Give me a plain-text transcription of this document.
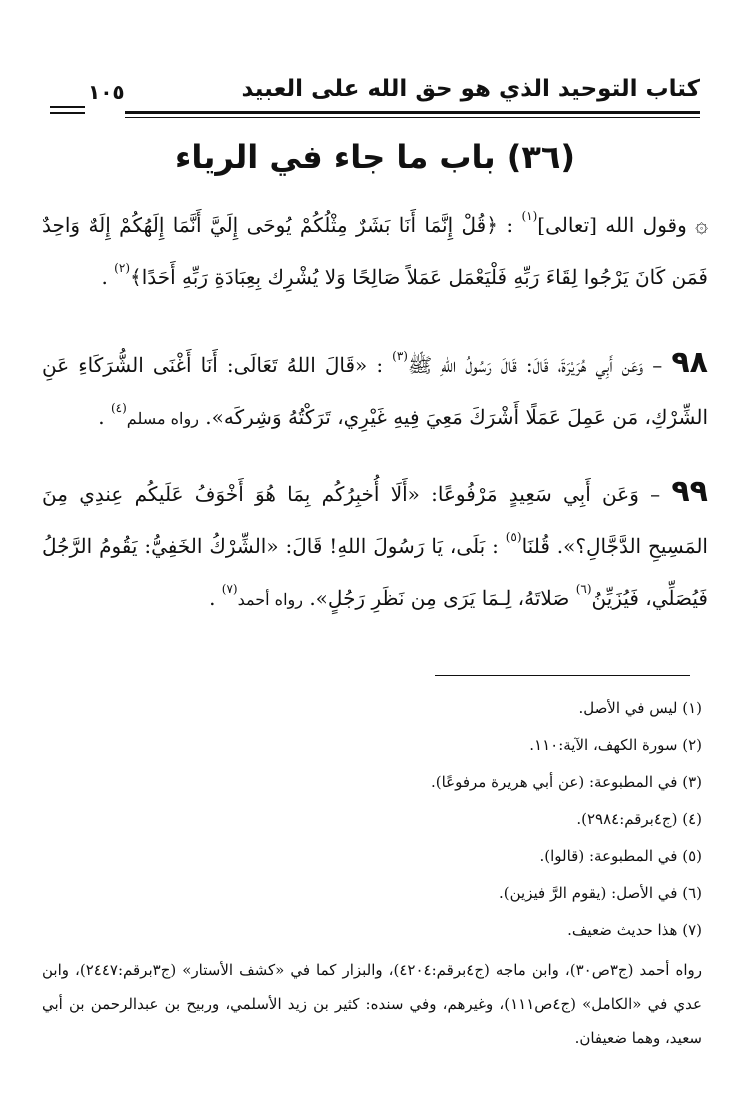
كتاب التوحيد الذي هو حق الله على العبيد
١٠٥
(٣٦) باب ما جاء في الرياء
۞ وقول الله [تعالى]$^{(١)}$ : ﴿قُلْ إِنَّمَا أَنَا بَشَرٌ مِثْلُكُمْ يُوحَى إِلَيَّ أَنَّمَا إِلَهُكُمْ إِلَهٌ وَاحِدٌ فَمَن كَانَ يَرْجُوا لِقَاءَ رَبِّهِ فَلْيَعْمَل عَمَلاً صَالِحًا وَلا يُشْرِك بِعِبَادَةِ رَبِّهِ أَحَدًا﴾$^{(٢)}$ .
٩٨ – وَعَن أَبِي هُرَيْرَةَ، قَالَ: قَالَ رَسُولُ اللهِ ﷺ$^{(٣)}$ : «قَالَ اللهُ تَعَالَى: أَنَا أَغْنَى الشُّرَكَاءِ عَنِ الشِّرْكِ، مَن عَمِلَ عَمَلًا أَشْرَكَ مَعِيَ فِيهِ غَيْرِي، تَرَكْتُهُ وَشِركَه». رواه مسلم$^{(٤)}$ .
٩٩ – وَعَن أَبِي سَعِيدٍ مَرْفُوعًا: «أَلَا أُخبِرُكُم بِمَا هُوَ أَخْوَفُ عَلَيكُم عِندِي مِنَ المَسِيحِ الدَّجَّالِ؟». قُلنَا$^{(٥)}$ : بَلَى، يَا رَسُولَ اللهِ! قَالَ: «الشِّرْكُ الخَفِيُّ: يَقُومُ الرَّجُلُ فَيُصَلِّي، فَيُزَيِّنُ$^{(٦)}$ صَلاتَهُ، لِـمَا يَرَى مِن نَظَرِ رَجُلٍ». رواه أحمد$^{(٧)}$ .
(١) ليس في الأصل.
(٢) سورة الكهف، الآية:١١٠.
(٣) في المطبوعة: (عن أبي هريرة مرفوعًا).
(٤) (ج٤برقم:٢٩٨٤).
(٥) في المطبوعة: (قالوا).
(٦) في الأصل: (يقوم الرَّ فيزين).
(٧) هذا حديث ضعيف.
رواه أحمد (ج٣ص٣٠)، وابن ماجه (ج٤برقم:٤٢٠٤)، والبزار كما في «كشف الأستار» (ج٣برقم:٢٤٤٧)، وابن عدي في «الكامل» (ج٤ص١١١)، وغيرهم، وفي سنده: كثير بن زيد الأسلمي، وربيح بن عبدالرحمن بن أبي سعيد، وهما ضعيفان.
